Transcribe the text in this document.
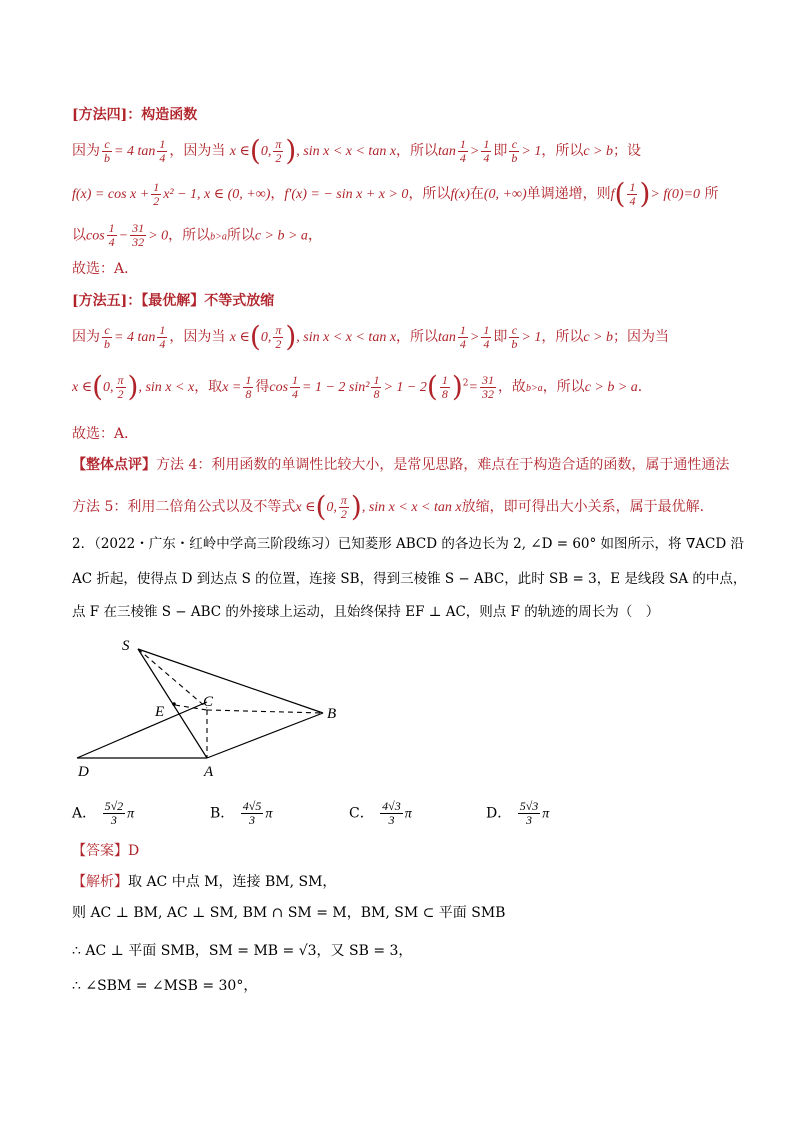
[方法四]：构造函数
因为 $\frac{c}{b} = 4$ $\tan \frac{1}{4}$ ，因为当 x ∈(0, $\frac{\pi}{2}$ ), sin x < x < tan x，所以$\tan \frac{1}{4} > \frac{1}{4}$ 即 $\frac{c}{b} > 1$，所以c > b；设
$f(x) = \cos x + \frac{1}{2} x^2 - 1$, x ∈ (0, +∞)，f′(x) = − sin x + x > 0，所以f(x)在(0, +∞)单调递增，则$f( \frac{1}{4}$ )> f(0)=0 所
以$\cos \frac{1}{4} - \frac{31}{32} > 0$，所以b>a所以c > b > a，
故选：A．
[方法五]：【最优解】不等式放缩
因为 $\frac{c}{b} = 4$ $\tan \frac{1}{4}$ ，因为当 x ∈(0, $\frac{\pi}{2}$ ), sin x < x < tan x，所以$\tan \frac{1}{4} > \frac{1}{4}$ 即 $\frac{c}{b} > 1$，所以c > b；因为当
x ∈(0, $\frac{\pi}{2}$ ), sin x < x，取$x = \frac{1}{8}$ 得$\cos \frac{1}{4} = 1 - 2$ $\sin^2 \frac{1}{8} > 1 - 2( \frac{1}{8} )^2= \frac{31}{32}$ ，故b>a，所以c > b > a．
故选：A．
【整体点评】方法 4：利用函数的单调性比较大小，是常见思路，难点在于构造合适的函数，属于通性通法
方法 5：利用二倍角公式以及不等式x ∈(0, $\frac{\pi}{2}$ ), sin x < x < tan x放缩，即可得出大小关系，属于最优解．
2．（2022・广东・红岭中学高三阶段练习）已知菱形 ABCD 的各边长为 2, ∠D = 60° 如图所示，将 ∇ACD 沿
AC 折起，使得点 D 到达点 S 的位置，连接 SB，得到三棱锥 S − ABC，此时 SB = 3，E 是线段 SA 的中点，
点 F 在三棱锥 S − ABC 的外接球上运动，且始终保持 EF ⊥ AC，则点 F 的轨迹的周长为（　）
S
C
E	B
D	A
A． $\frac{5√2}{3}$ π	B． $\frac{4√5}{3}$ π	C． $\frac{4√3}{3}$ π	D． $\frac{5√3}{3}$ π
【答案】D
【解析】取 AC 中点 M，连接 BM, SM，
则 AC ⊥ BM, AC ⊥ SM, BM ∩ SM = M，BM, SM ⊂ 平面 SMB
∴ AC ⊥ 平面 SMB，SM = MB = √3，又 SB = 3，
∴ ∠SBM = ∠MSB = 30°，
